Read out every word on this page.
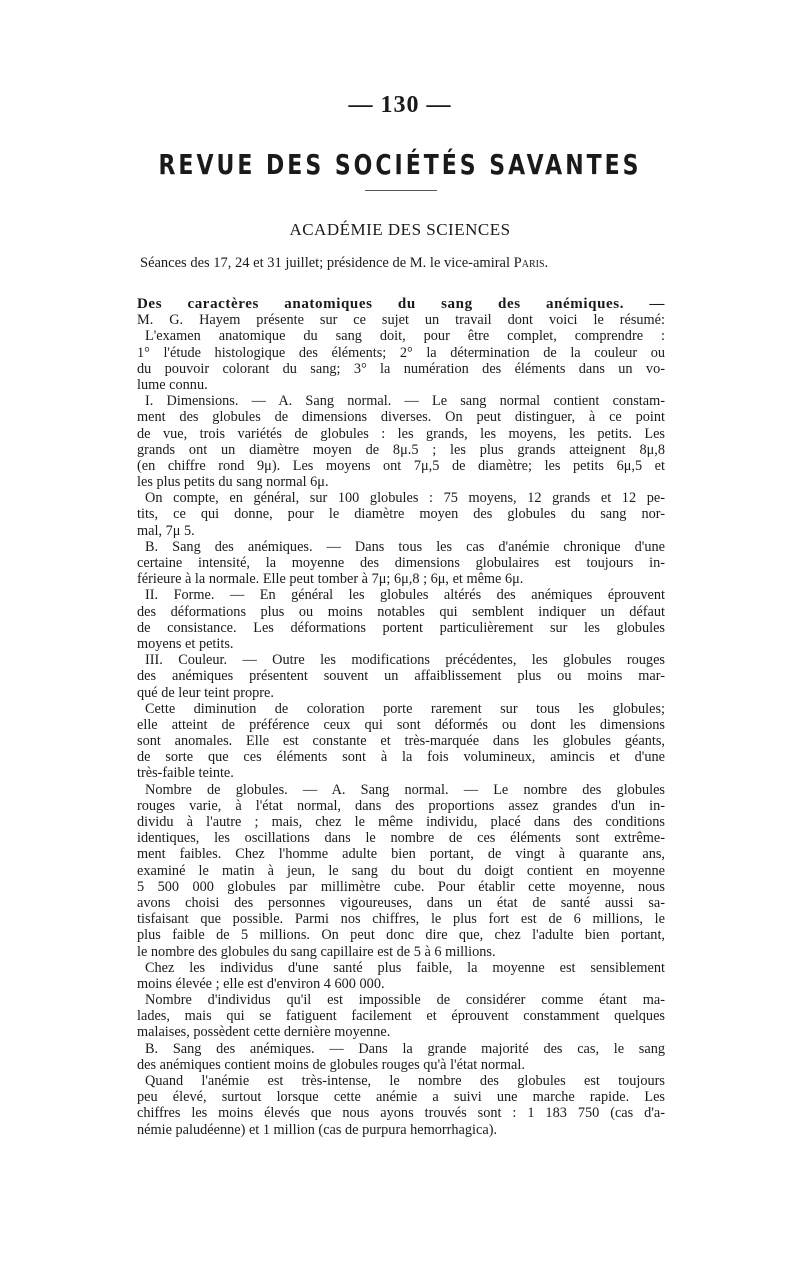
— 130 —
REVUE DES SOCIÉTÉS SAVANTES
ACADÉMIE DES SCIENCES
Séances des 17, 24 et 31 juillet; présidence de M. le vice-amiral Paris.
Des caractères anatomiques du sang des anémiques. —
M. G. Hayem présente sur ce sujet un travail dont voici le résumé:
L'examen anatomique du sang doit, pour être complet, comprendre :
1° l'étude histologique des éléments; 2° la détermination de la couleur ou
du pouvoir colorant du sang; 3° la numération des éléments dans un vo-
lume connu.
I. Dimensions. — A. Sang normal. — Le sang normal contient constam-
ment des globules de dimensions diverses. On peut distinguer, à ce point
de vue, trois variétés de globules : les grands, les moyens, les petits. Les
grands ont un diamètre moyen de 8μ.5 ; les plus grands atteignent 8μ,8
(en chiffre rond 9μ). Les moyens ont 7μ,5 de diamètre; les petits 6μ,5 et
les plus petits du sang normal 6μ.
On compte, en général, sur 100 globules : 75 moyens, 12 grands et 12 pe-
tits, ce qui donne, pour le diamètre moyen des globules du sang nor-
mal, 7μ 5.
B. Sang des anémiques. — Dans tous les cas d'anémie chronique d'une
certaine intensité, la moyenne des dimensions globulaires est toujours in-
férieure à la normale. Elle peut tomber à 7μ; 6μ,8 ; 6μ, et même 6μ.
II. Forme. — En général les globules altérés des anémiques éprouvent
des déformations plus ou moins notables qui semblent indiquer un défaut
de consistance. Les déformations portent particulièrement sur les globules
moyens et petits.
III. Couleur. — Outre les modifications précédentes, les globules rouges
des anémiques présentent souvent un affaiblissement plus ou moins mar-
qué de leur teint propre.
Cette diminution de coloration porte rarement sur tous les globules;
elle atteint de préférence ceux qui sont déformés ou dont les dimensions
sont anomales. Elle est constante et très-marquée dans les globules géants,
de sorte que ces éléments sont à la fois volumineux, amincis et d'une
très-faible teinte.
Nombre de globules. — A. Sang normal. — Le nombre des globules
rouges varie, à l'état normal, dans des proportions assez grandes d'un in-
dividu à l'autre ; mais, chez le même individu, placé dans des conditions
identiques, les oscillations dans le nombre de ces éléments sont extrême-
ment faibles. Chez l'homme adulte bien portant, de vingt à quarante ans,
examiné le matin à jeun, le sang du bout du doigt contient en moyenne
5 500 000 globules par millimètre cube. Pour établir cette moyenne, nous
avons choisi des personnes vigoureuses, dans un état de santé aussi sa-
tisfaisant que possible. Parmi nos chiffres, le plus fort est de 6 millions, le
plus faible de 5 millions. On peut donc dire que, chez l'adulte bien portant,
le nombre des globules du sang capillaire est de 5 à 6 millions.
Chez les individus d'une santé plus faible, la moyenne est sensiblement
moins élevée ; elle est d'environ 4 600 000.
Nombre d'individus qu'il est impossible de considérer comme étant ma-
lades, mais qui se fatiguent facilement et éprouvent constamment quelques
malaises, possèdent cette dernière moyenne.
B. Sang des anémiques. — Dans la grande majorité des cas, le sang
des anémiques contient moins de globules rouges qu'à l'état normal.
Quand l'anémie est très-intense, le nombre des globules est toujours
peu élevé, surtout lorsque cette anémie a suivi une marche rapide. Les
chiffres les moins élevés que nous ayons trouvés sont : 1 183 750 (cas d'a-
némie paludéenne) et 1 million (cas de purpura hemorrhagica).
